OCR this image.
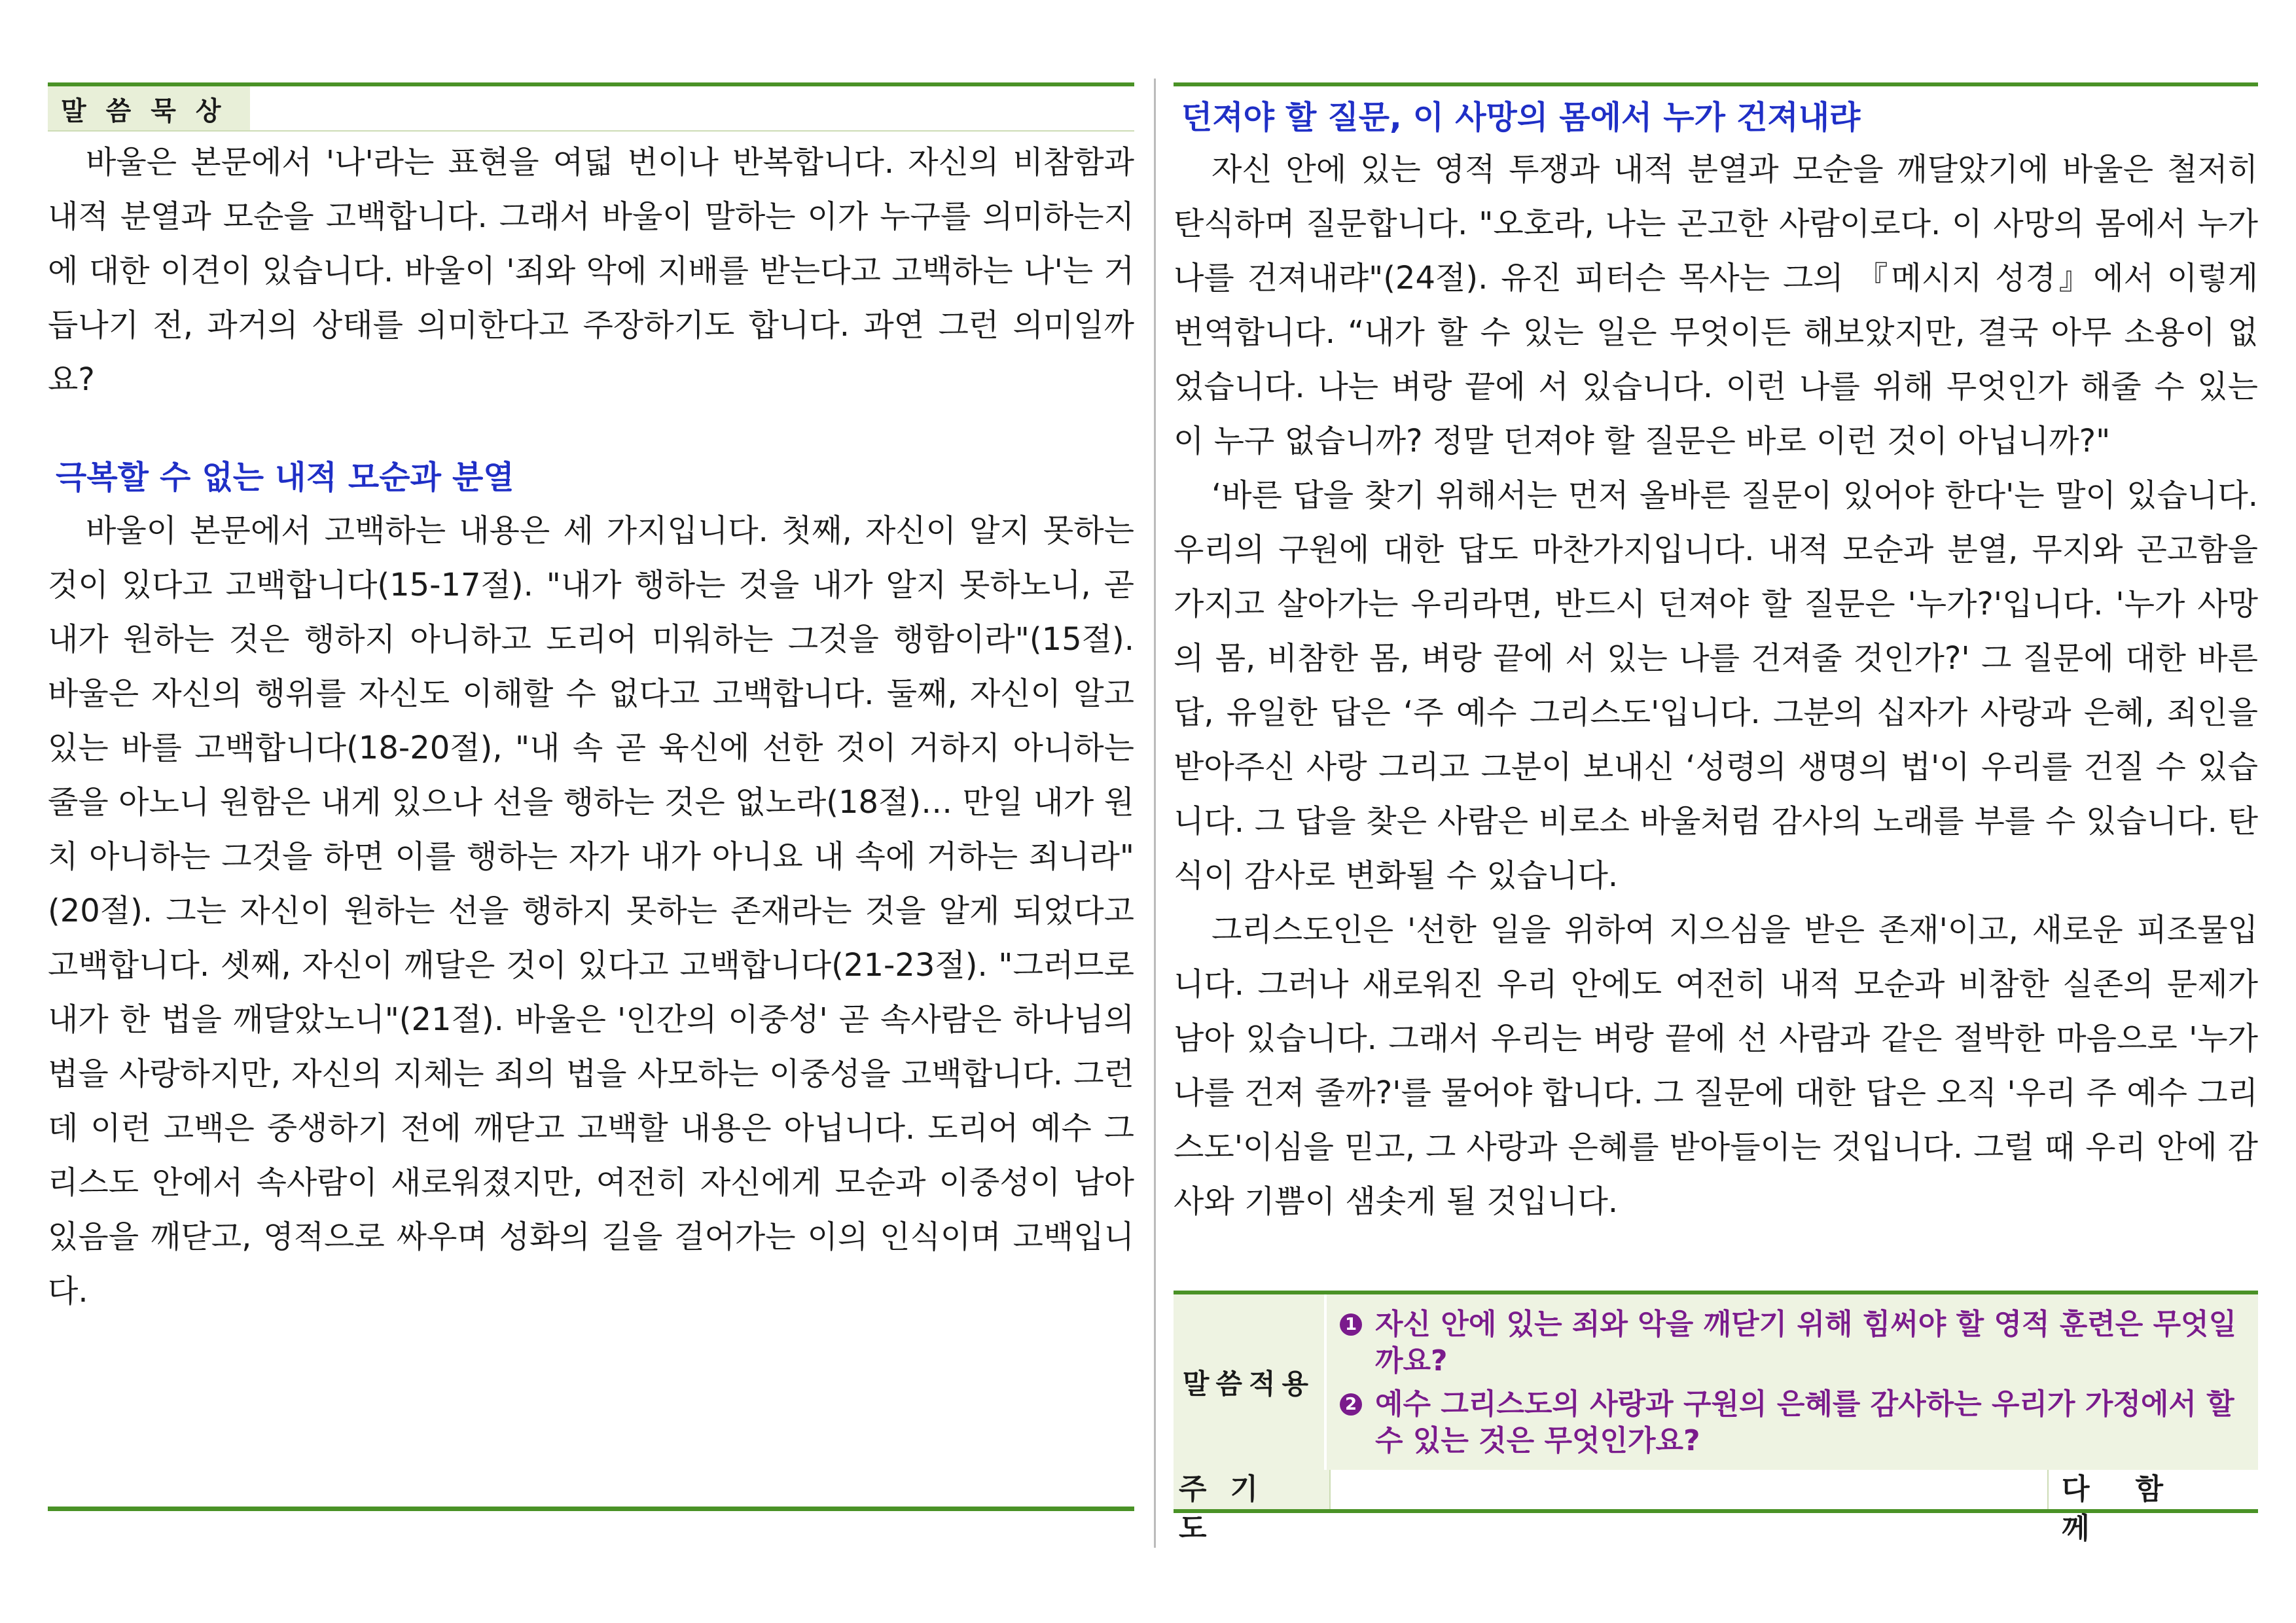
말씀묵상

바울은 본문에서 '나'라는 표현을 여덟 번이나 반복합니다. 자신의 비참함과 내적 분열과 모순을 고백합니다. 그래서 바울이 말하는 이가 누구를 의미하는지에 대한 이견이 있습니다. 바울이 '죄와 악에 지배를 받는다고 고백하는 나'는 거듭나기 전, 과거의 상태를 의미한다고 주장하기도 합니다. 과연 그런 의미일까요?

극복할 수 없는 내적 모순과 분열

바울이 본문에서 고백하는 내용은 세 가지입니다. 첫째, 자신이 알지 못하는 것이 있다고 고백합니다(15-17절). "내가 행하는 것을 내가 알지 못하노니, 곧 내가 원하는 것은 행하지 아니하고 도리어 미워하는 그것을 행함이라"(15절). 바울은 자신의 행위를 자신도 이해할 수 없다고 고백합니다. 둘째, 자신이 알고 있는 바를 고백합니다(18-20절), "내 속 곧 육신에 선한 것이 거하지 아니하는 줄을 아노니 원함은 내게 있으나 선을 행하는 것은 없노라(18절)… 만일 내가 원치 아니하는 그것을 하면 이를 행하는 자가 내가 아니요 내 속에 거하는 죄니라"(20절). 그는 자신이 원하는 선을 행하지 못하는 존재라는 것을 알게 되었다고 고백합니다. 셋째, 자신이 깨달은 것이 있다고 고백합니다(21-23절). "그러므로 내가 한 법을 깨달았노니"(21절). 바울은 '인간의 이중성' 곧 속사람은 하나님의 법을 사랑하지만, 자신의 지체는 죄의 법을 사모하는 이중성을 고백합니다. 그런데 이런 고백은 중생하기 전에 깨닫고 고백할 내용은 아닙니다. 도리어 예수 그리스도 안에서 속사람이 새로워졌지만, 여전히 자신에게 모순과 이중성이 남아 있음을 깨닫고, 영적으로 싸우며 성화의 길을 걸어가는 이의 인식이며 고백입니다.

던져야 할 질문, 이 사망의 몸에서 누가 건져내랴

자신 안에 있는 영적 투쟁과 내적 분열과 모순을 깨달았기에 바울은 철저히 탄식하며 질문합니다. "오호라, 나는 곤고한 사람이로다. 이 사망의 몸에서 누가 나를 건져내랴"(24절). 유진 피터슨 목사는 그의 『메시지 성경』에서 이렇게 번역합니다. “내가 할 수 있는 일은 무엇이든 해보았지만, 결국 아무 소용이 없었습니다. 나는 벼랑 끝에 서 있습니다. 이런 나를 위해 무엇인가 해줄 수 있는 이 누구 없습니까? 정말 던져야 할 질문은 바로 이런 것이 아닙니까?"

‘바른 답을 찾기 위해서는 먼저 올바른 질문이 있어야 한다'는 말이 있습니다. 우리의 구원에 대한 답도 마찬가지입니다. 내적 모순과 분열, 무지와 곤고함을 가지고 살아가는 우리라면, 반드시 던져야 할 질문은 '누가?'입니다. '누가 사망의 몸, 비참한 몸, 벼랑 끝에 서 있는 나를 건져줄 것인가?' 그 질문에 대한 바른 답, 유일한 답은 ‘주 예수 그리스도'입니다. 그분의 십자가 사랑과 은혜, 죄인을 받아주신 사랑 그리고 그분이 보내신 ‘성령의 생명의 법'이 우리를 건질 수 있습니다. 그 답을 찾은 사람은 비로소 바울처럼 감사의 노래를 부를 수 있습니다. 탄식이 감사로 변화될 수 있습니다.

그리스도인은 '선한 일을 위하여 지으심을 받은 존재'이고, 새로운 피조물입니다. 그러나 새로워진 우리 안에도 여전히 내적 모순과 비참한 실존의 문제가 남아 있습니다. 그래서 우리는 벼랑 끝에 선 사람과 같은 절박한 마음으로 '누가 나를 건져 줄까?'를 물어야 합니다. 그 질문에 대한 답은 오직 '우리 주 예수 그리스도'이심을 믿고, 그 사랑과 은혜를 받아들이는 것입니다. 그럴 때 우리 안에 감사와 기쁨이 샘솟게 될 것입니다.

말씀적용
1 자신 안에 있는 죄와 악을 깨닫기 위해 힘써야 할 영적 훈련은 무엇일까요?
2 예수 그리스도의 사랑과 구원의 은혜를 감사하는 우리가 가정에서 할 수 있는 것은 무엇인가요?
주기도
다함께
